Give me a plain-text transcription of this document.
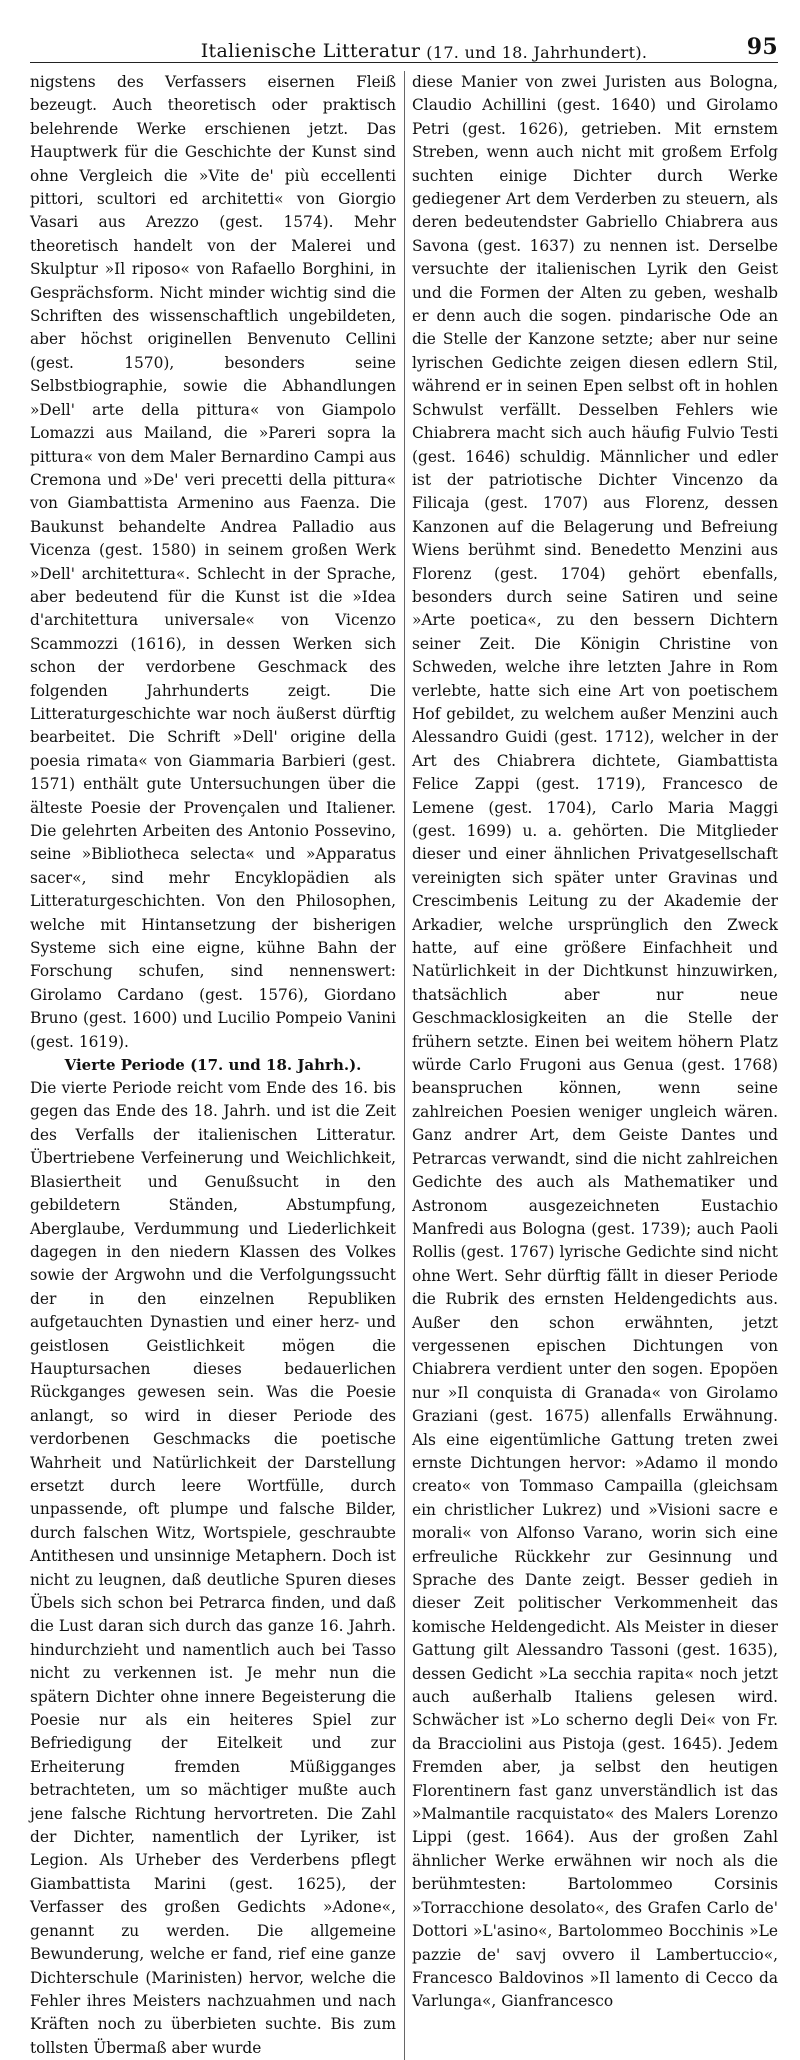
Italienische Litteratur (17. und 18. Jahrhundert).	95

nigstens des Verfassers eisernen Fleiß bezeugt. Auch theoretisch oder praktisch belehrende Werke erschienen jetzt. Das Hauptwerk für die Geschichte der Kunst sind ohne Vergleich die »Vite de' più eccellenti pittori, scultori ed architetti« von Giorgio Vasari aus Arezzo (gest. 1574). Mehr theoretisch handelt von der Malerei und Skulptur »Il riposo« von Rafaello Borghini, in Gesprächsform. Nicht minder wichtig sind die Schriften des wissenschaftlich ungebildeten, aber höchst originellen Benvenuto Cellini (gest. 1570), besonders seine Selbstbiographie, sowie die Abhandlungen »Dell' arte della pittura« von Giampolo Lomazzi aus Mailand, die »Pareri sopra la pittura« von dem Maler Bernardino Campi aus Cremona und »De' veri precetti della pittura« von Giambattista Armenino aus Faenza. Die Baukunst behandelte Andrea Palladio aus Vicenza (gest. 1580) in seinem großen Werk »Dell' architettura«. Schlecht in der Sprache, aber bedeutend für die Kunst ist die »Idea d'architettura universale« von Vicenzo Scammozzi (1616), in dessen Werken sich schon der verdorbene Geschmack des folgenden Jahrhunderts zeigt. Die Litteraturgeschichte war noch äußerst dürftig bearbeitet. Die Schrift »Dell' origine della poesia rimata« von Giammaria Barbieri (gest. 1571) enthält gute Untersuchungen über die älteste Poesie der Provençalen und Italiener. Die gelehrten Arbeiten des Antonio Possevino, seine »Bibliotheca selecta« und »Apparatus sacer«, sind mehr Encyklopädien als Litteraturgeschichten. Von den Philosophen, welche mit Hintansetzung der bisherigen Systeme sich eine eigne, kühne Bahn der Forschung schufen, sind nennenswert: Girolamo Cardano (gest. 1576), Giordano Bruno (gest. 1600) und Lucilio Pompeio Vanini (gest. 1619).

Vierte Periode (17. und 18. Jahrh.).

Die vierte Periode reicht vom Ende des 16. bis gegen das Ende des 18. Jahrh. und ist die Zeit des Verfalls der italienischen Litteratur. Übertriebene Verfeinerung und Weichlichkeit, Blasiertheit und Genußsucht in den gebildetern Ständen, Abstumpfung, Aberglaube, Verdummung und Liederlichkeit dagegen in den niedern Klassen des Volkes sowie der Argwohn und die Verfolgungssucht der in den einzelnen Republiken aufgetauchten Dynastien und einer herz- und geistlosen Geistlichkeit mögen die Hauptursachen dieses bedauerlichen Rückganges gewesen sein. Was die Poesie anlangt, so wird in dieser Periode des verdorbenen Geschmacks die poetische Wahrheit und Natürlichkeit der Darstellung ersetzt durch leere Wortfülle, durch unpassende, oft plumpe und falsche Bilder, durch falschen Witz, Wortspiele, geschraubte Antithesen und unsinnige Metaphern. Doch ist nicht zu leugnen, daß deutliche Spuren dieses Übels sich schon bei Petrarca finden, und daß die Lust daran sich durch das ganze 16. Jahrh. hindurchzieht und namentlich auch bei Tasso nicht zu verkennen ist. Je mehr nun die spätern Dichter ohne innere Begeisterung die Poesie nur als ein heiteres Spiel zur Befriedigung der Eitelkeit und zur Erheiterung fremden Müßigganges betrachteten, um so mächtiger mußte auch jene falsche Richtung hervortreten. Die Zahl der Dichter, namentlich der Lyriker, ist Legion. Als Urheber des Verderbens pflegt Giambattista Marini (gest. 1625), der Verfasser des großen Gedichts »Adone«, genannt zu werden. Die allgemeine Bewunderung, welche er fand, rief eine ganze Dichterschule (Marinisten) hervor, welche die Fehler ihres Meisters nachzuahmen und nach Kräften noch zu überbieten suchte. Bis zum tollsten Übermaß aber wurde

diese Manier von zwei Juristen aus Bologna, Claudio Achillini (gest. 1640) und Girolamo Petri (gest. 1626), getrieben. Mit ernstem Streben, wenn auch nicht mit großem Erfolg suchten einige Dichter durch Werke gediegener Art dem Verderben zu steuern, als deren bedeutendster Gabriello Chiabrera aus Savona (gest. 1637) zu nennen ist. Derselbe versuchte der italienischen Lyrik den Geist und die Formen der Alten zu geben, weshalb er denn auch die sogen. pindarische Ode an die Stelle der Kanzone setzte; aber nur seine lyrischen Gedichte zeigen diesen edlern Stil, während er in seinen Epen selbst oft in hohlen Schwulst verfällt. Desselben Fehlers wie Chiabrera macht sich auch häufig Fulvio Testi (gest. 1646) schuldig. Männlicher und edler ist der patriotische Dichter Vincenzo da Filicaja (gest. 1707) aus Florenz, dessen Kanzonen auf die Belagerung und Befreiung Wiens berühmt sind. Benedetto Menzini aus Florenz (gest. 1704) gehört ebenfalls, besonders durch seine Satiren und seine »Arte poetica«, zu den bessern Dichtern seiner Zeit. Die Königin Christine von Schweden, welche ihre letzten Jahre in Rom verlebte, hatte sich eine Art von poetischem Hof gebildet, zu welchem außer Menzini auch Alessandro Guidi (gest. 1712), welcher in der Art des Chiabrera dichtete, Giambattista Felice Zappi (gest. 1719), Francesco de Lemene (gest. 1704), Carlo Maria Maggi (gest. 1699) u. a. gehörten. Die Mitglieder dieser und einer ähnlichen Privatgesellschaft vereinigten sich später unter Gravinas und Crescimbenis Leitung zu der Akademie der Arkadier, welche ursprünglich den Zweck hatte, auf eine größere Einfachheit und Natürlichkeit in der Dichtkunst hinzuwirken, thatsächlich aber nur neue Geschmacklosigkeiten an die Stelle der frühern setzte. Einen bei weitem höhern Platz würde Carlo Frugoni aus Genua (gest. 1768) beanspruchen können, wenn seine zahlreichen Poesien weniger ungleich wären. Ganz andrer Art, dem Geiste Dantes und Petrarcas verwandt, sind die nicht zahlreichen Gedichte des auch als Mathematiker und Astronom ausgezeichneten Eustachio Manfredi aus Bologna (gest. 1739); auch Paoli Rollis (gest. 1767) lyrische Gedichte sind nicht ohne Wert. Sehr dürftig fällt in dieser Periode die Rubrik des ernsten Heldengedichts aus. Außer den schon erwähnten, jetzt vergessenen epischen Dichtungen von Chiabrera verdient unter den sogen. Epopöen nur »Il conquista di Granada« von Girolamo Graziani (gest. 1675) allenfalls Erwähnung. Als eine eigentümliche Gattung treten zwei ernste Dichtungen hervor: »Adamo il mondo creato« von Tommaso Campailla (gleichsam ein christlicher Lukrez) und »Visioni sacre e morali« von Alfonso Varano, worin sich eine erfreuliche Rückkehr zur Gesinnung und Sprache des Dante zeigt. Besser gedieh in dieser Zeit politischer Verkommenheit das komische Heldengedicht. Als Meister in dieser Gattung gilt Alessandro Tassoni (gest. 1635), dessen Gedicht »La secchia rapita« noch jetzt auch außerhalb Italiens gelesen wird. Schwächer ist »Lo scherno degli Dei« von Fr. da Bracciolini aus Pistoja (gest. 1645). Jedem Fremden aber, ja selbst den heutigen Florentinern fast ganz unverständlich ist das »Malmantile racquistato« des Malers Lorenzo Lippi (gest. 1664). Aus der großen Zahl ähnlicher Werke erwähnen wir noch als die berühmtesten: Bartolommeo Corsinis »Torracchione desolato«, des Grafen Carlo de' Dottori »L'asino«, Bartolommeo Bocchinis »Le pazzie de' savj ovvero il Lambertuccio«, Francesco Baldovinos »Il lamento di Cecco da Varlunga«, Gianfrancesco
